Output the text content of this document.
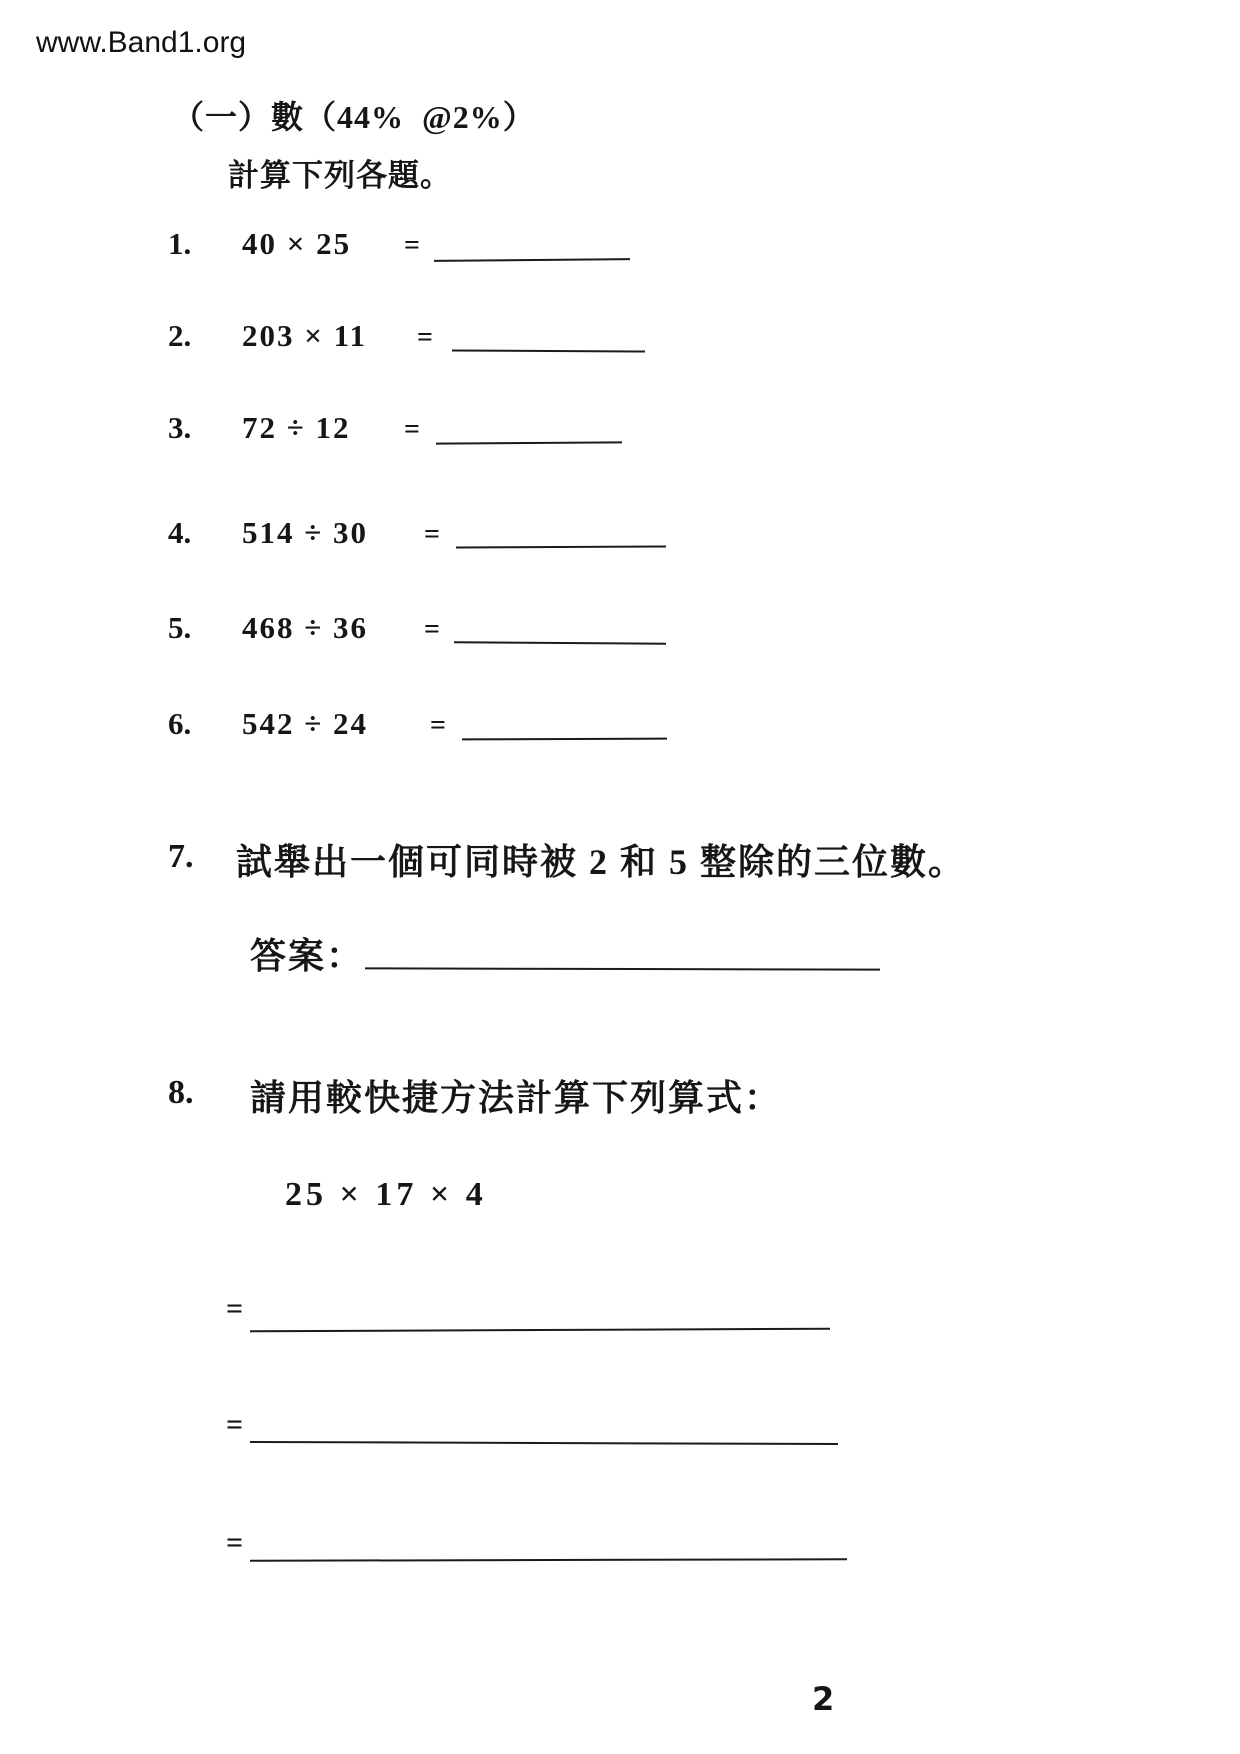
www.Band1.org
（一）數（44%  @2%）
計算下列各題。
1. 40 × 25 =
2. 203 × 11 =
3. 72 ÷ 12 =
4. 514 ÷ 30 =
5. 468 ÷ 36 =
6. 542 ÷ 24 =
7. 試舉出一個可同時被 2 和 5 整除的三位數。
答案：
8. 請用較快捷方法計算下列算式：
25 × 17 × 4
=
=
=
2
